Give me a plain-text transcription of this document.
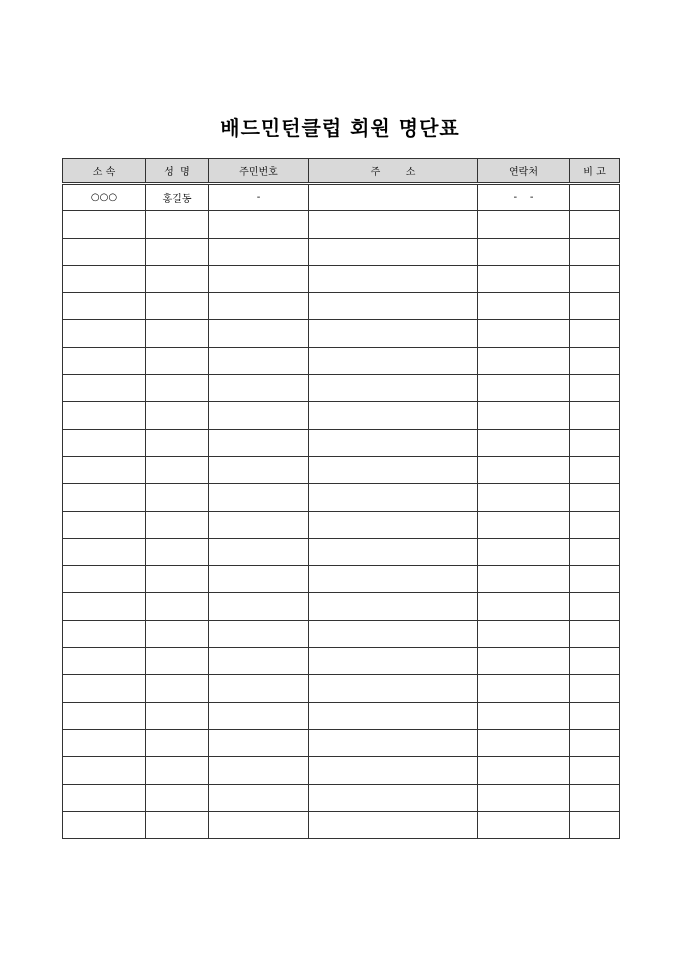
배드민턴클럽 회원 명단표
소 속	성  명	주민번호	주        소	연락처	비 고
○○○	홍길동	-		-    -	
